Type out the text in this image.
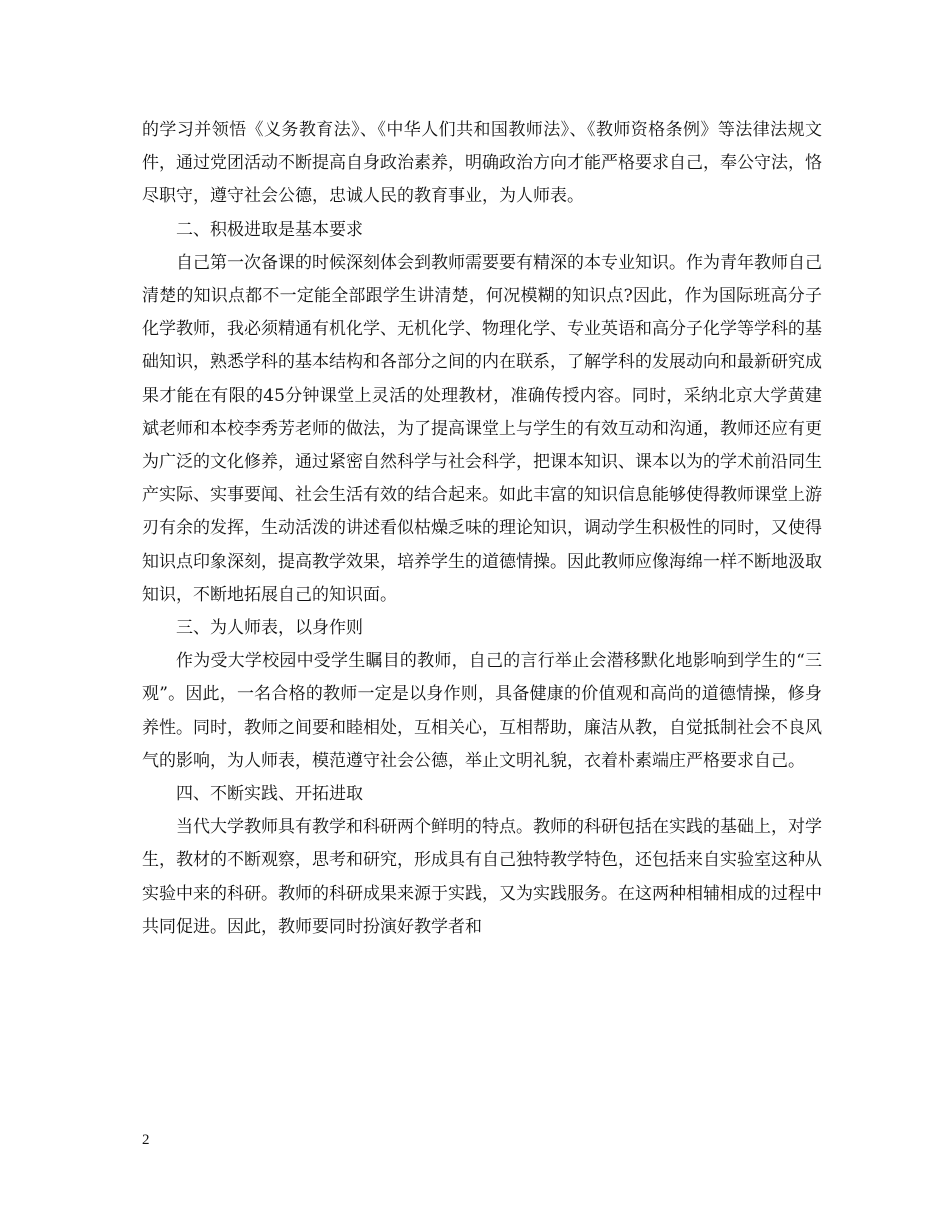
的学习并领悟《义务教育法》、《中华人们共和国教师法》、《教师资格条例》等法律法规文件，通过党团活动不断提高自身政治素养，明确政治方向才能严格要求自己，奉公守法，恪尽职守，遵守社会公德，忠诚人民的教育事业，为人师表。

二、积极进取是基本要求

自己第一次备课的时候深刻体会到教师需要要有精深的本专业知识。作为青年教师自己清楚的知识点都不一定能全部跟学生讲清楚，何况模糊的知识点?因此，作为国际班高分子化学教师，我必须精通有机化学、无机化学、物理化学、专业英语和高分子化学等学科的基础知识，熟悉学科的基本结构和各部分之间的内在联系，了解学科的发展动向和最新研究成果才能在有限的45分钟课堂上灵活的处理教材，准确传授内容。同时，采纳北京大学黄建斌老师和本校李秀芳老师的做法，为了提高课堂上与学生的有效互动和沟通，教师还应有更为广泛的文化修养，通过紧密自然科学与社会科学，把课本知识、课本以为的学术前沿同生产实际、实事要闻、社会生活有效的结合起来。如此丰富的知识信息能够使得教师课堂上游刃有余的发挥，生动活泼的讲述看似枯燥乏味的理论知识，调动学生积极性的同时，又使得知识点印象深刻，提高教学效果，培养学生的道德情操。因此教师应像海绵一样不断地汲取知识，不断地拓展自己的知识面。

三、为人师表，以身作则

作为受大学校园中受学生瞩目的教师，自己的言行举止会潜移默化地影响到学生的“三观”。因此，一名合格的教师一定是以身作则，具备健康的价值观和高尚的道德情操，修身养性。同时，教师之间要和睦相处，互相关心，互相帮助，廉洁从教，自觉抵制社会不良风气的影响，为人师表，模范遵守社会公德，举止文明礼貌，衣着朴素端庄严格要求自己。

四、不断实践、开拓进取

当代大学教师具有教学和科研两个鲜明的特点。教师的科研包括在实践的基础上，对学生，教材的不断观察，思考和研究，形成具有自己独特教学特色，还包括来自实验室这种从实验中来的科研。教师的科研成果来源于实践，又为实践服务。在这两种相辅相成的过程中共同促进。因此，教师要同时扮演好教学者和

2
